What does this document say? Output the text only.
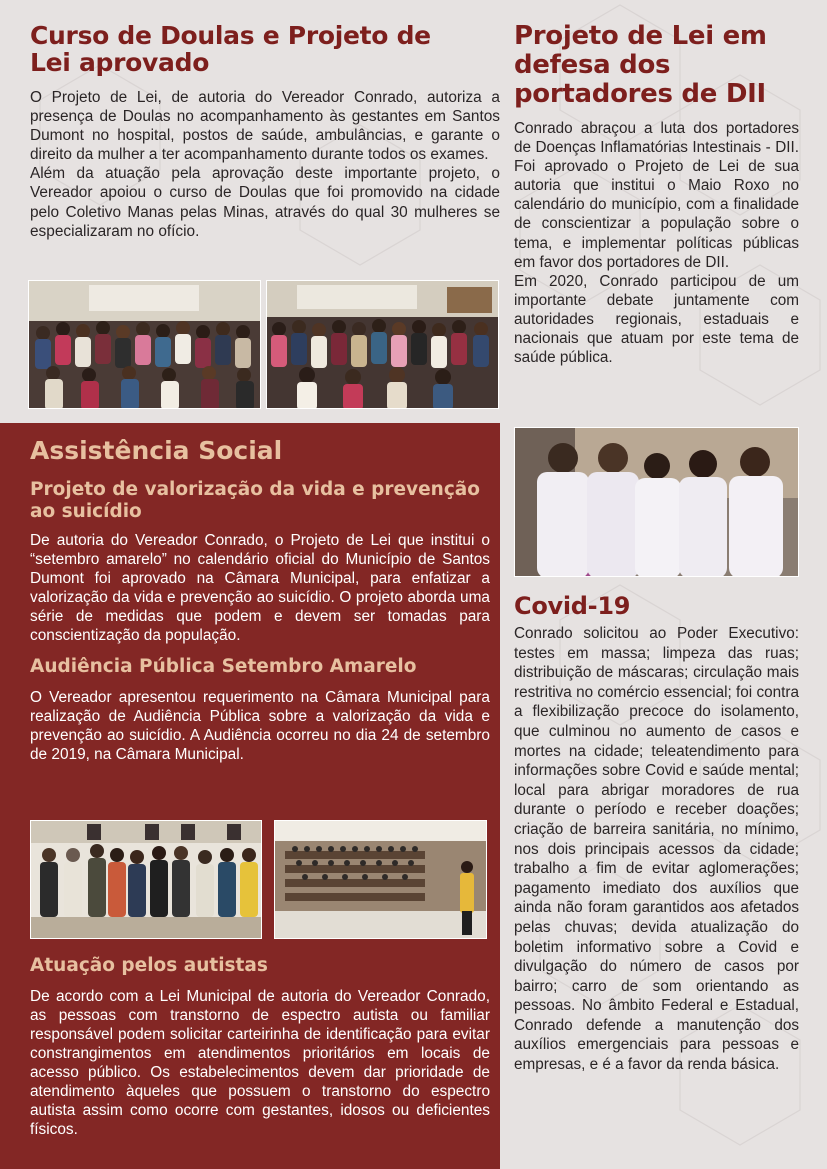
Curso de Doulas e Projeto de Lei aprovado

O Projeto de Lei, de autoria do Vereador Conrado, autoriza a presença de Doulas no acompanhamento às gestantes em Santos Dumont no hospital, postos de saúde, ambulâncias, e garante o direito da mulher a ter acompanhamento durante todos os exames.
Além da atuação pela aprovação deste importante projeto, o Vereador apoiou o curso de Doulas que foi promovido na cidade pelo Coletivo Manas pelas Minas, através do qual 30 mulheres se especializaram no ofício.

Projeto de Lei em defesa dos portadores de DII

Conrado abraçou a luta dos portadores de Doenças Inflamatórias Intestinais - DII. Foi aprovado o Projeto de Lei de sua autoria que institui o Maio Roxo no calendário do município, com a finalidade de conscientizar a população sobre o tema, e implementar políticas públicas em favor dos portadores de DII.
Em 2020, Conrado participou de um importante debate juntamente com autoridades regionais, estaduais e nacionais que atuam por este tema de saúde pública.

Assistência Social
Projeto de valorização da vida e prevenção ao suicídio

De autoria do Vereador Conrado, o Projeto de Lei que institui o “setembro amarelo” no calendário oficial do Município de Santos Dumont foi aprovado na Câmara Municipal, para enfatizar a valorização da vida e prevenção ao suicídio. O projeto aborda uma série de medidas que podem e devem ser tomadas para conscientização da população.

Audiência Pública Setembro Amarelo

O Vereador apresentou requerimento na Câmara Municipal para realização de Audiência Pública sobre a valorização da vida e prevenção ao suicídio. A Audiência ocorreu no dia 24 de setembro de 2019, na Câmara Municipal.

Atuação pelos autistas

De acordo com a Lei Municipal de autoria do Vereador Conrado, as pessoas com transtorno de espectro autista ou familiar responsável podem solicitar carteirinha de identificação para evitar constrangimentos em atendimentos prioritários em locais de acesso público. Os estabelecimentos devem dar prioridade de atendimento àqueles que possuem o transtorno do espectro autista assim como ocorre com gestantes, idosos ou deficientes físicos.

Covid-19

Conrado solicitou ao Poder Executivo: testes em massa; limpeza das ruas; distribuição de máscaras; circulação mais restritiva no comércio essencial; foi contra a flexibilização precoce do isolamento, que culminou no aumento de casos e mortes na cidade; teleatendimento para informações sobre Covid e saúde mental; local para abrigar moradores de rua durante o período e receber doações; criação de barreira sanitária, no mínimo, nos dois principais acessos da cidade; trabalho a fim de evitar aglomerações; pagamento imediato dos auxílios que ainda não foram garantidos aos afetados pelas chuvas; devida atualização do boletim informativo sobre a Covid e divulgação do número de casos por bairro; carro de som orientando as pessoas. No âmbito Federal e Estadual, Conrado defende a manutenção dos auxílios emergenciais para pessoas e empresas, e é a favor da renda básica.
